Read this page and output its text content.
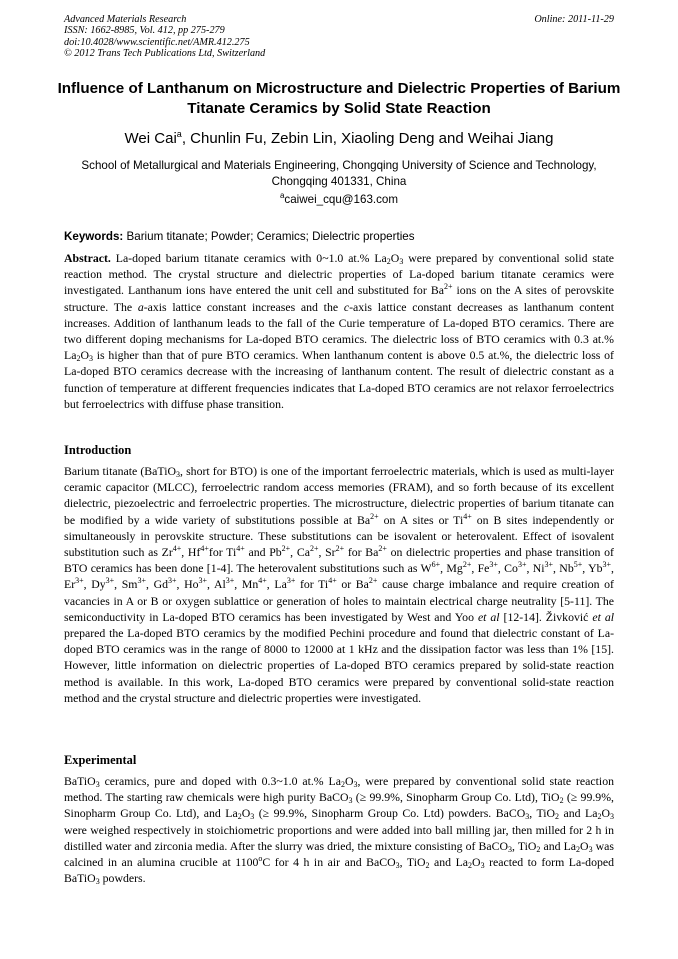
Advanced Materials Research
ISSN: 1662-8985, Vol. 412, pp 275-279
doi:10.4028/www.scientific.net/AMR.412.275
© 2012 Trans Tech Publications Ltd, Switzerland
Online: 2011-11-29
Influence of Lanthanum on Microstructure and Dielectric Properties of Barium Titanate Ceramics by Solid State Reaction
Wei Cai$^a$, Chunlin Fu, Zebin Lin, Xiaoling Deng and Weihai Jiang
School of Metallurgical and Materials Engineering, Chongqing University of Science and Technology, Chongqing 401331, China
$^a$caiwei_cqu@163.com
Keywords: Barium titanate; Powder; Ceramics; Dielectric properties
Abstract. La-doped barium titanate ceramics with 0~1.0 at.% $La_2O_3$ were prepared by conventional solid state reaction method. The crystal structure and dielectric properties of La-doped barium titanate ceramics were investigated. Lanthanum ions have entered the unit cell and substituted for $Ba^{2+}$ ions on the A sites of perovskite structure. The a-axis lattice constant increases and the c-axis lattice constant decreases as lanthanum content increases. Addition of lanthanum leads to the fall of the Curie temperature of La-doped BTO ceramics. There are two different doping mechanisms for La-doped BTO ceramics. The dielectric loss of BTO ceramics with 0.3 at.% $La_2O_3$ is higher than that of pure BTO ceramics. When lanthanum content is above 0.5 at.%, the dielectric loss of La-doped BTO ceramics decrease with the increasing of lanthanum content. The result of dielectric constant as a function of temperature at different frequencies indicates that La-doped BTO ceramics are not relaxor ferroelectrics but ferroelectrics with diffuse phase transition.
Introduction
Barium titanate (BaTiO$_3$, short for BTO) is one of the important ferroelectric materials, which is used as multi-layer ceramic capacitor (MLCC), ferroelectric random access memories (FRAM), and so forth because of its excellent dielectric, piezoelectric and ferroelectric properties. The microstructure, dielectric properties of barium titanate can be modified by a wide variety of substitutions possible at $Ba^{2+}$ on A sites or $Ti^{4+}$ on B sites independently or simultaneously in perovskite structure. These substitutions can be isovalent or heterovalent. Effect of isovalent substitution such as $Zr^{4+}$, $Hf^{4+}for$ $Ti^{4+}$ and $Pb^{2+}$, $Ca^{2+}$, $Sr^{2+}$ for $Ba^{2+}$ on dielectric properties and phase transition of BTO ceramics has been done [1-4]. The heterovalent substitutions such as $W^{6+}$, $Mg^{2+}$, $Fe^{3+}$, $Co^{3+}$, $Ni^{3+}$, $Nb^{5+}$, $Yb^{3+}$, $Er^{3+}$, $Dy^{3+}$, $Sm^{3+}$, $Gd^{3+}$, $Ho^{3+}$, $Al^{3+}$, $Mn^{4+}$, $La^{3+}$ for $Ti^{4+}$ or $Ba^{2+}$ cause charge imbalance and require creation of vacancies in A or B or oxygen sublattice or generation of holes to maintain electrical charge neutrality [5-11]. The semiconductivity in La-doped BTO ceramics has been investigated by West and Yoo et al [12-14]. Živković et al prepared the La-doped BTO ceramics by the modified Pechini procedure and found that dielectric constant of La-doped BTO ceramics was in the range of 8000 to 12000 at 1 kHz and the dissipation factor was less than 1% [15]. However, little information on dielectric properties of La-doped BTO ceramics prepared by solid-state reaction method is available. In this work, La-doped BTO ceramics were prepared by conventional solid-state reaction method and the crystal structure and dielectric properties were investigated.
Experimental
BaTiO$_3$ ceramics, pure and doped with 0.3~1.0 at.% $La_2O_3$, were prepared by conventional solid state reaction method. The starting raw chemicals were high purity BaCO$_3$ (≥ 99.9%, Sinopharm Group Co. Ltd), TiO$_2$ (≥ 99.9%, Sinopharm Group Co. Ltd), and $La_2O_3$ (≥ 99.9%, Sinopharm Group Co. Ltd) powders. BaCO$_3$, TiO$_2$ and $La_2O_3$ were weighed respectively in stoichiometric proportions and were added into ball milling jar, then milled for 2 h in distilled water and zirconia media. After the slurry was dried, the mixture consisting of BaCO$_3$, TiO$_2$ and $La_2O_3$ was calcined in an alumina crucible at 1100$^o$C for 4 h in air and BaCO$_3$, TiO$_2$ and $La_2O_3$ reacted to form La-doped BaTiO$_3$ powders.
